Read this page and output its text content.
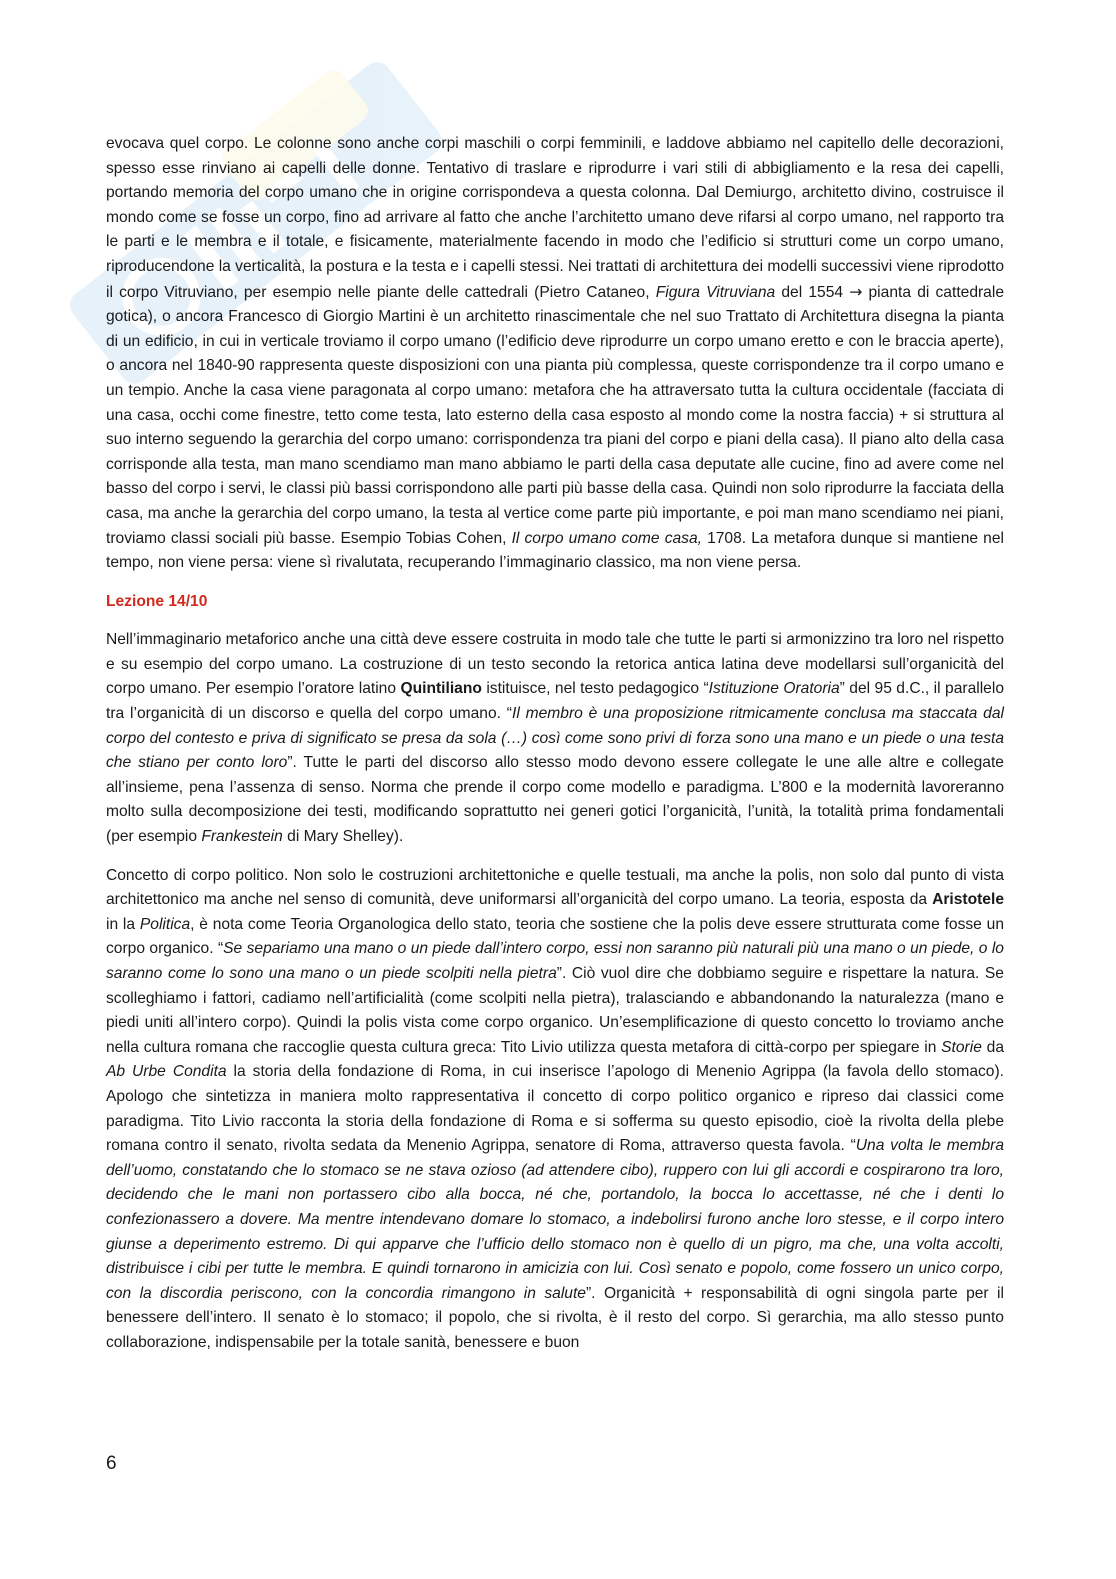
evocava quel corpo. Le colonne sono anche corpi maschili o corpi femminili, e laddove abbiamo nel capitello delle decorazioni, spesso esse rinviano ai capelli delle donne. Tentativo di traslare e riprodurre i vari stili di abbigliamento e la resa dei capelli, portando memoria del corpo umano che in origine corrispondeva a questa colonna. Dal Demiurgo, architetto divino, costruisce il mondo come se fosse un corpo, fino ad arrivare al fatto che anche l’architetto umano deve rifarsi al corpo umano, nel rapporto tra le parti e le membra e il totale, e fisicamente, materialmente facendo in modo che l’edificio si strutturi come un corpo umano, riproducendone la verticalità, la postura e la testa e i capelli stessi. Nei trattati di architettura dei modelli successivi viene riprodotto il corpo Vitruviano, per esempio nelle piante delle cattedrali (Pietro Cataneo, Figura Vitruviana del 1554 → pianta di cattedrale gotica), o ancora Francesco di Giorgio Martini è un architetto rinascimentale che nel suo Trattato di Architettura disegna la pianta di un edificio, in cui in verticale troviamo il corpo umano (l’edificio deve riprodurre un corpo umano eretto e con le braccia aperte), o ancora nel 1840-90 rappresenta queste disposizioni con una pianta più complessa, queste corrispondenze tra il corpo umano e un tempio. Anche la casa viene paragonata al corpo umano: metafora che ha attraversato tutta la cultura occidentale (facciata di una casa, occhi come finestre, tetto come testa, lato esterno della casa esposto al mondo come la nostra faccia) + si struttura al suo interno seguendo la gerarchia del corpo umano: corrispondenza tra piani del corpo e piani della casa). Il piano alto della casa corrisponde alla testa, man mano scendiamo man mano abbiamo le parti della casa deputate alle cucine, fino ad avere come nel basso del corpo i servi, le classi più bassi corrispondono alle parti più basse della casa. Quindi non solo riprodurre la facciata della casa, ma anche la gerarchia del corpo umano, la testa al vertice come parte più importante, e poi man mano scendiamo nei piani, troviamo classi sociali più basse. Esempio Tobias Cohen, Il corpo umano come casa, 1708. La metafora dunque si mantiene nel tempo, non viene persa: viene sì rivalutata, recuperando l’immaginario classico, ma non viene persa.

Lezione 14/10

Nell’immaginario metaforico anche una città deve essere costruita in modo tale che tutte le parti si armonizzino tra loro nel rispetto e su esempio del corpo umano. La costruzione di un testo secondo la retorica antica latina deve modellarsi sull’organicità del corpo umano. Per esempio l’oratore latino Quintiliano istituisce, nel testo pedagogico “Istituzione Oratoria” del 95 d.C., il parallelo tra l’organicità di un discorso e quella del corpo umano. “Il membro è una proposizione ritmicamente conclusa ma staccata dal corpo del contesto e priva di significato se presa da sola (…) così come sono privi di forza sono una mano e un piede o una testa che stiano per conto loro”. Tutte le parti del discorso allo stesso modo devono essere collegate le une alle altre e collegate all’insieme, pena l’assenza di senso. Norma che prende il corpo come modello e paradigma. L’800 e la modernità lavoreranno molto sulla decomposizione dei testi, modificando soprattutto nei generi gotici l’organicità, l’unità, la totalità prima fondamentali (per esempio Frankestein di Mary Shelley).

Concetto di corpo politico. Non solo le costruzioni architettoniche e quelle testuali, ma anche la polis, non solo dal punto di vista architettonico ma anche nel senso di comunità, deve uniformarsi all’organicità del corpo umano. La teoria, esposta da Aristotele in la Politica, è nota come Teoria Organologica dello stato, teoria che sostiene che la polis deve essere strutturata come fosse un corpo organico. “Se separiamo una mano o un piede dall’intero corpo, essi non saranno più naturali più una mano o un piede, o lo saranno come lo sono una mano o un piede scolpiti nella pietra”. Ciò vuol dire che dobbiamo seguire e rispettare la natura. Se scolleghiamo i fattori, cadiamo nell’artificialità (come scolpiti nella pietra), tralasciando e abbandonando la naturalezza (mano e piedi uniti all’intero corpo). Quindi la polis vista come corpo organico. Un’esemplificazione di questo concetto lo troviamo anche nella cultura romana che raccoglie questa cultura greca: Tito Livio utilizza questa metafora di città-corpo per spiegare in Storie da Ab Urbe Condita la storia della fondazione di Roma, in cui inserisce l’apologo di Menenio Agrippa (la favola dello stomaco). Apologo che sintetizza in maniera molto rappresentativa il concetto di corpo politico organico e ripreso dai classici come paradigma. Tito Livio racconta la storia della fondazione di Roma e si sofferma su questo episodio, cioè la rivolta della plebe romana contro il senato, rivolta sedata da Menenio Agrippa, senatore di Roma, attraverso questa favola. “Una volta le membra dell’uomo, constatando che lo stomaco se ne stava ozioso (ad attendere cibo), ruppero con lui gli accordi e cospirarono tra loro, decidendo che le mani non portassero cibo alla bocca, né che, portandolo, la bocca lo accettasse, né che i denti lo confezionassero a dovere. Ma mentre intendevano domare lo stomaco, a indebolirsi furono anche loro stesse, e il corpo intero giunse a deperimento estremo. Di qui apparve che l’ufficio dello stomaco non è quello di un pigro, ma che, una volta accolti, distribuisce i cibi per tutte le membra. E quindi tornarono in amicizia con lui. Così senato e popolo, come fossero un unico corpo, con la discordia periscono, con la concordia rimangono in salute”. Organicità + responsabilità di ogni singola parte per il benessere dell’intero. Il senato è lo stomaco; il popolo, che si rivolta, è il resto del corpo. Sì gerarchia, ma allo stesso punto collaborazione, indispensabile per la totale sanità, benessere e buon

6
